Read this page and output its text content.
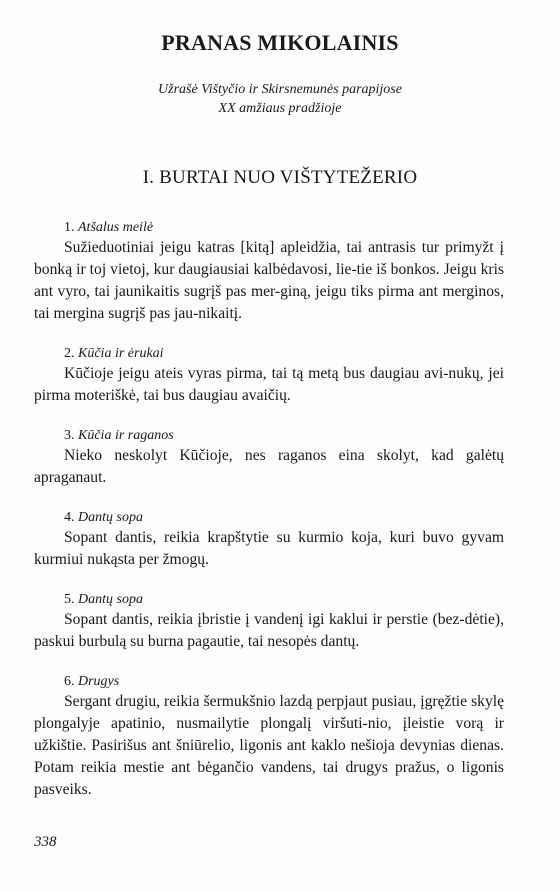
PRANAS MIKOLAINIS
Užrašė Vištyčio ir Skirsnemunės parapijose
XX amžiaus pradžioje
I. BURTAI NUO VIŠTYTEŽERIO
1. Atšalus meilė

Sužieduotiniai jeigu katras [kitą] apleidžia, tai antrasis tur primyžt į bonką ir toj vietoj, kur daugiausiai kalbėdavosi, lie-tie iš bonkos. Jeigu kris ant vyro, tai jaunikaitis sugrįš pas mer-giną, jeigu tiks pirma ant merginos, tai mergina sugrįš pas jau-nikaitį.

2. Kūčia ir ėrukai

Kūčioje jeigu ateis vyras pirma, tai tą metą bus daugiau avi-nukų, jei pirma moteriškė, tai bus daugiau avaičių.

3. Kūčia ir raganos

Nieko neskolyt Kūčioje, nes raganos eina skolyt, kad galėtų apraganaut.

4. Dantų sopa

Sopant dantis, reikia krapštytie su kurmio koja, kuri buvo gyvam kurmiui nukąsta per žmogų.

5. Dantų sopa

Sopant dantis, reikia įbristie į vandenį igi kaklui ir perstie (bez-dėtie), paskui burbulą su burna pagautie, tai nesopės dantų.

6. Drugys

Sergant drugiu, reikia šermukšnio lazdą perpjaut pusiau, įgręžtie skylę plongalyje apatinio, nusmailytie plongalį viršuti-nio, įleistie vorą ir užkištie. Pasirišus ant šniūrelio, ligonis ant kaklo nešioja devynias dienas. Potam reikia mestie ant bėgančio vandens, tai drugys pražus, o ligonis pasveiks.

338
